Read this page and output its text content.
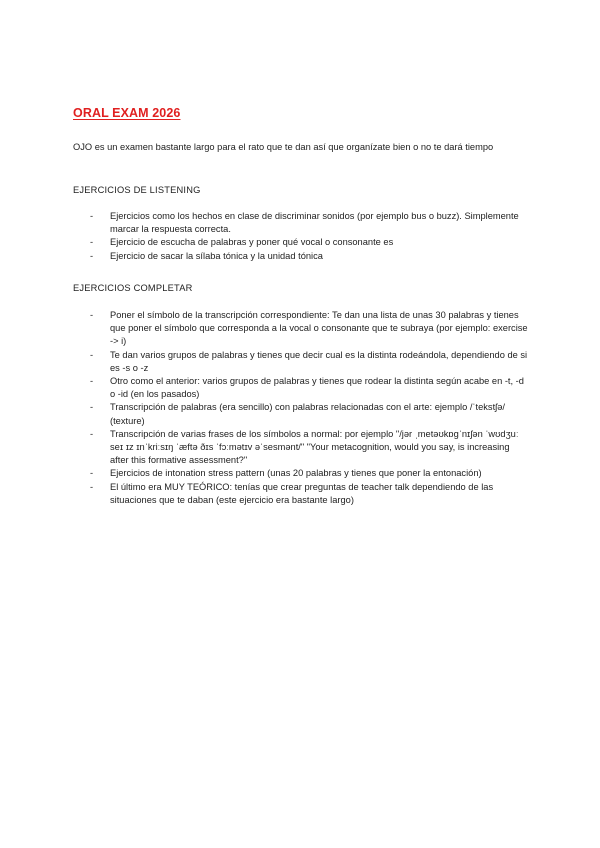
ORAL EXAM 2026

OJO es un examen bastante largo para el rato que te dan así que organízate bien o no te dará tiempo

EJERCICIOS DE LISTENING

- Ejercicios como los hechos en clase de discriminar sonidos (por ejemplo bus o buzz). Simplemente marcar la respuesta correcta.
- Ejercicio de escucha de palabras y poner qué vocal o consonante es
- Ejercicio de sacar la sílaba tónica y la unidad tónica

EJERCICIOS COMPLETAR

- Poner el símbolo de la transcripción correspondiente: Te dan una lista de unas 30 palabras y tienes que poner el símbolo que corresponda a la vocal o consonante que te subraya (por ejemplo: exercise -> i)
- Te dan varios grupos de palabras y tienes que decir cual es la distinta rodeándola, dependiendo de si es -s o -z
- Otro como el anterior: varios grupos de palabras y tienes que rodear la distinta según acabe en -t, -d o -id (en los pasados)
- Transcripción de palabras (era sencillo) con palabras relacionadas con el arte: ejemplo /ˈtekstʃə/ (texture)
- Transcripción de varias frases de los símbolos a normal: por ejemplo "/jər ˌmetəʊkɒɡˈnɪʃən ˈwʊdʒuː seɪ ɪz ɪnˈkriːsɪŋ ˈæftə ðɪs ˈfɔːmətɪv əˈsesmənt/" "Your metacognition, would you say, is increasing after this formative assessment?"
- Ejercicios de intonation stress pattern (unas 20 palabras y tienes que poner la entonación)
- El último era MUY TEÓRICO: tenías que crear preguntas de teacher talk dependiendo de las situaciones que te daban (este ejercicio era bastante largo)
